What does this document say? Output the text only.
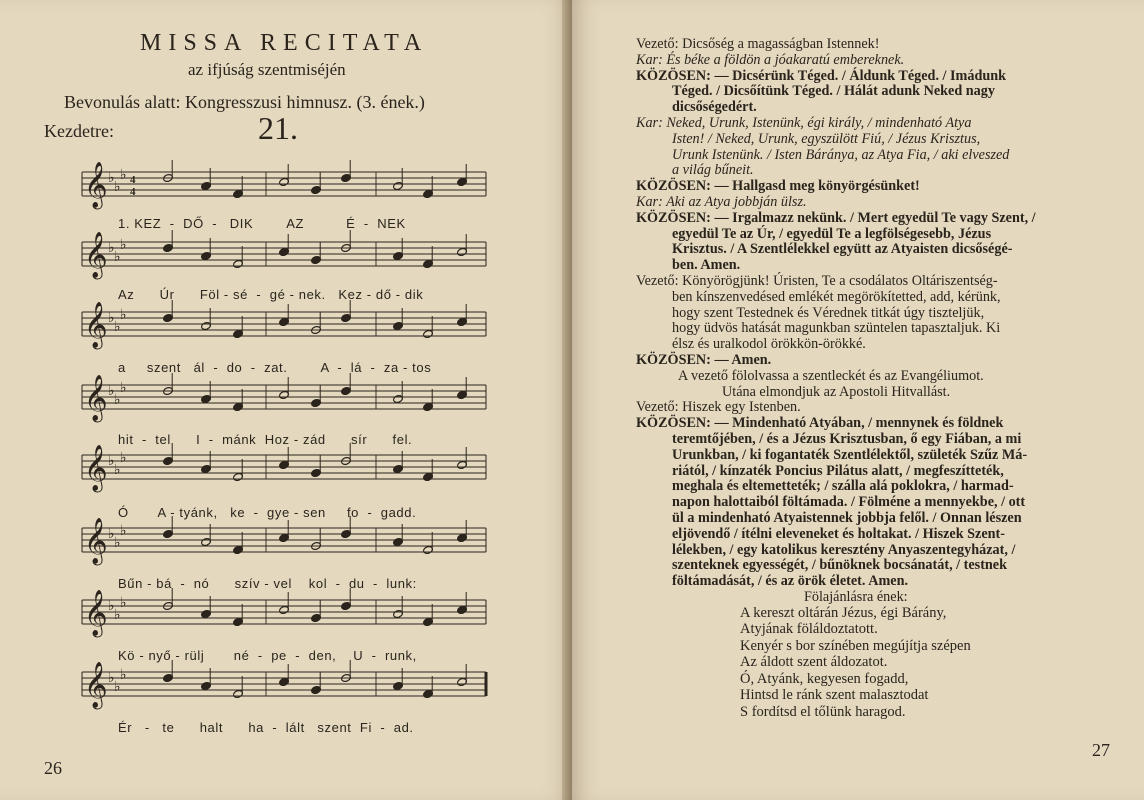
MISSA RECITATA
az ifjúság szentmiséjén
Bevonulás alatt: Kongresszusi himnusz. (3. ének.)
Kezdetre:	21.
𝄞 ♭
♭
♭ 4
4
1. KEZ  -  DŐ  -   DIK        AZ          É  -  NEK
𝄞 ♭
♭
♭
Az      Úr      Föl - sé  -  gé - nek.   Kez - dő - dik
𝄞 ♭
♭
♭
a     szent   ál  -  do  -  zat.        A  -  lá  -  za - tos
𝄞 ♭
♭
♭
hit  -  tel      I  -  mánk  Hoz - zád      sír      fel.
𝄞 ♭
♭
♭
Ó       A - tyánk,   ke  -  gye - sen     fo  -  gadd.
𝄞 ♭
♭
♭
Bűn - bá  -  nó      szív - vel    kol  -  du  -  lunk:
𝄞 ♭
♭
♭
Kö - nyő - rülj       né  -  pe  -  den,    U  -  runk,
𝄞 ♭
♭
♭
Ér   -   te      halt      ha  -  lált   szent  Fi  -  ad.
26
Vezető: Dicsőség a magasságban Istennek!
Kar: És béke a földön a jóakaratú embereknek.
KÖZÖSEN: — Dicsérünk Téged. / Áldunk Téged. / Imádunk
Téged. / Dicsőítünk Téged. / Hálát adunk Neked nagy
dicsőségedért.
Kar: Neked, Urunk, Istenünk, égi király, / mindenható Atya
Isten! / Neked, Urunk, egyszülött Fiú, / Jézus Krisztus,
Urunk Istenünk. / Isten Báránya, az Atya Fia, / aki elveszed
a világ bűneit.
KÖZÖSEN: — Hallgasd meg könyörgésünket!
Kar: Aki az Atya jobbján ülsz.
KÖZÖSEN: — Irgalmazz nekünk. / Mert egyedül Te vagy Szent, /
egyedül Te az Úr, / egyedül Te a legfölségesebb, Jézus
Krisztus. / A Szentlélekkel együtt az Atyaisten dicsőségé-
ben. Amen.
Vezető: Könyörögjünk! Úristen, Te a csodálatos Oltáriszentség-
ben kínszenvedésed emlékét megörökítetted, add, kérünk,
hogy szent Testednek és Vérednek titkát úgy tiszteljük,
hogy üdvös hatását magunkban szüntelen tapasztaljuk. Ki
élsz és uralkodol örökkön-örökké.
KÖZÖSEN: — Amen.
A vezető fölolvassa a szentleckét és az Evangéliumot.
Utána elmondjuk az Apostoli Hitvallást.
Vezető: Hiszek egy Istenben.
KÖZÖSEN: — Mindenható Atyában, / mennynek és földnek
teremtőjében, / és a Jézus Krisztusban, ő egy Fiában, a mi
Urunkban, / ki fogantaték Szentlélektől, születék Szűz Má-
riától, / kínzaték Poncius Pilátus alatt, / megfeszítteték,
meghala és eltemetteték; / szálla alá poklokra, / harmad-
napon halottaiból föltámada. / Fölméne a mennyekbe, / ott
ül a mindenható Atyaistennek jobbja felől. / Onnan lészen
eljövendő / ítélni eleveneket és holtakat. / Hiszek Szent-
lélekben, / egy katolikus keresztény Anyaszentegyházat, /
szenteknek egyességét, / bűnöknek bocsánatát, / testnek
föltámadását, / és az örök életet. Amen.
Fölajánlásra ének:
A kereszt oltárán Jézus, égi Bárány,
Atyjának föláldoztatott.
Kenyér s bor színében megújítja szépen
Az áldott szent áldozatot.
Ó, Atyánk, kegyesen fogadd,
Hintsd le ránk szent malasztodat
S fordítsd el tőlünk haragod.
27
